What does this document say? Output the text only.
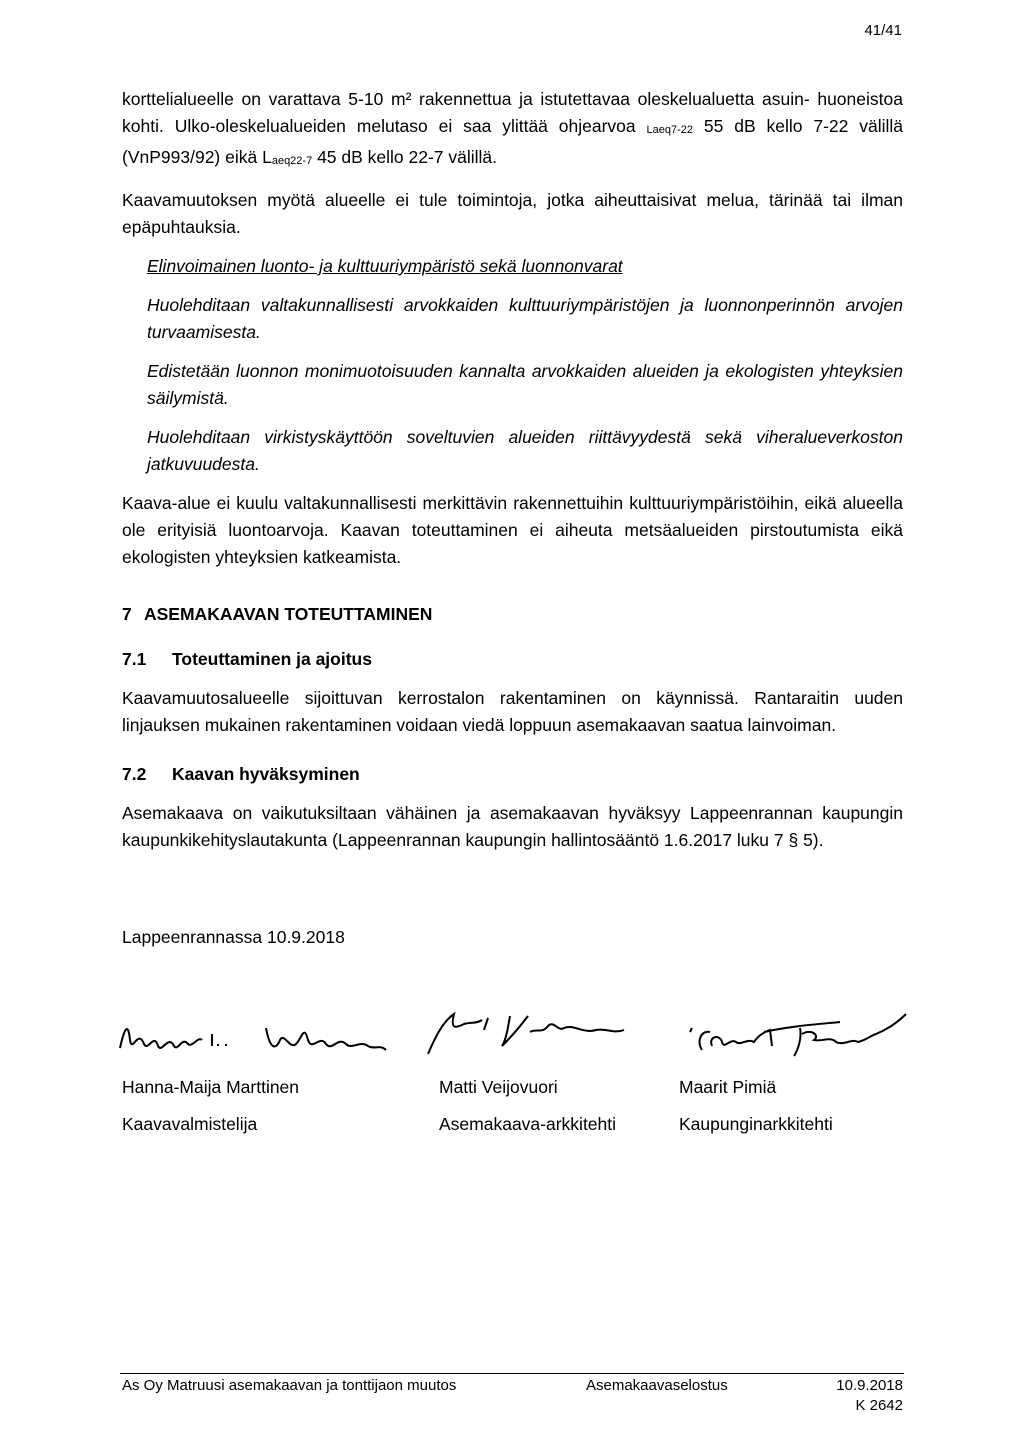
41/41

korttelialueelle on varattava 5-10 m² rakennettua ja istutettavaa oleskelualuetta asuin- huoneistoa kohti. Ulko-oleskelualueiden melutaso ei saa ylittää ohjearvoa $_{Laeq7-22}$ 55 dB kello 7-22 välillä (VnP993/92) eikä $L_{aeq22-7}$ 45 dB kello 22-7 välillä.

Kaavamuutoksen myötä alueelle ei tule toimintoja, jotka aiheuttaisivat melua, tärinää tai ilman epäpuhtauksia.

Elinvoimainen luonto- ja kulttuuriympäristö sekä luonnonvarat

Huolehditaan valtakunnallisesti arvokkaiden kulttuuriympäristöjen ja luonnonperinnön arvojen turvaamisesta.

Edistetään luonnon monimuotoisuuden kannalta arvokkaiden alueiden ja ekologisten yhteyksien säilymistä.

Huolehditaan virkistyskäyttöön soveltuvien alueiden riittävyydestä sekä viheralueverkoston jatkuvuudesta.

Kaava-alue ei kuulu valtakunnallisesti merkittävin rakennettuihin kulttuuriympäristöihin, eikä alueella ole erityisiä luontoarvoja. Kaavan toteuttaminen ei aiheuta metsäalueiden pirstoutumista eikä ekologisten yhteyksien katkeamista.

7 ASEMAKAAVAN TOTEUTTAMINEN
7.1 Toteuttaminen ja ajoitus

Kaavamuutosalueelle sijoittuvan kerrostalon rakentaminen on käynnissä. Rantaraitin uuden linjauksen mukainen rakentaminen voidaan viedä loppuun asemakaavan saatua lainvoiman.

7.2 Kaavan hyväksyminen

Asemakaava on vaikutuksiltaan vähäinen ja asemakaavan hyväksyy Lappeenrannan kaupungin kaupunkikehityslautakunta (Lappeenrannan kaupungin hallintosääntö 1.6.2017 luku 7 § 5).

Lappeenrannassa 10.9.2018

Hanna-Maija Marttinen
Kaavavalmistelija
Matti Veijovuori
Asemakaava-arkkitehti
Maarit Pimiä
Kaupunginarkkitehti
As Oy Matruusi asemakaavan ja tonttijaon muutos	Asemakaavaselostus	10.9.2018
K 2642
